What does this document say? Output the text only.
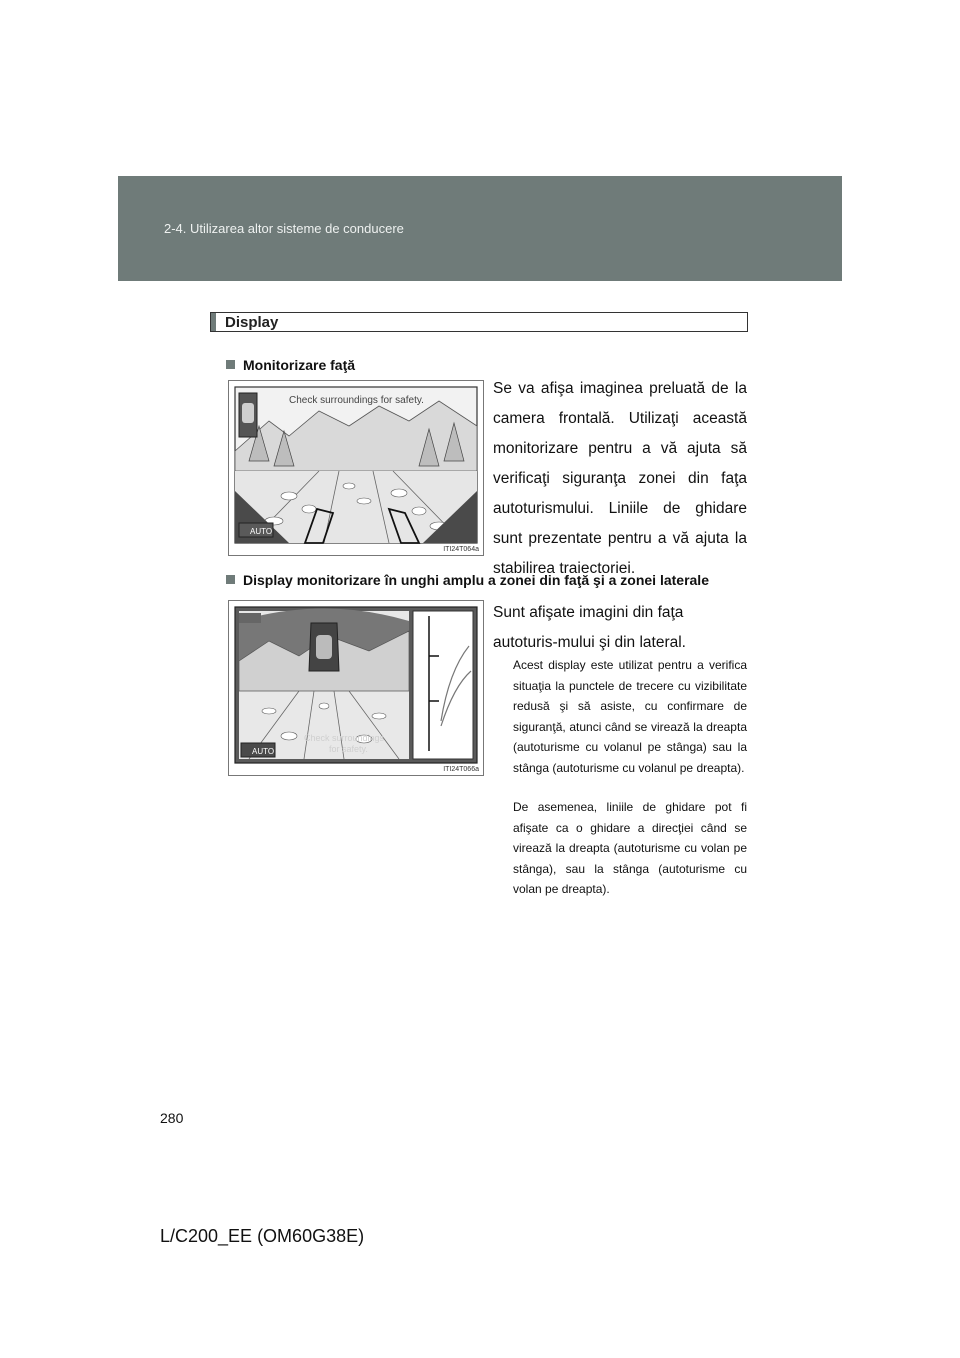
2-4. Utilizarea altor sisteme de conducere
Display
Monitorizare faţă
Check surroundings for safety.
AUTO
ITI24T064a
Se va afişa imaginea preluată de la camera frontală. Utilizaţi această monitorizare pentru a vă ajuta să verificaţi siguranţa zonei din faţa autoturismului. Liniile de ghidare sunt prezentate pentru a vă ajuta la stabilirea traiectoriei.
Display monitorizare în unghi amplu a zonei din faţă şi a zonei laterale
Check surroundings
for safety.
AUTO
ITI24T066a
Sunt afişate imagini din faţa autoturis-mului şi din lateral.
Acest display este utilizat pentru a verifica situaţia la punctele de trecere cu vizibilitate redusă şi să asiste, cu confirmare de siguranţă, atunci când se virează la dreapta (autoturisme cu volanul pe stânga) sau la stânga (autoturisme cu volanul pe dreapta).
De asemenea, liniile de ghidare pot fi afişate ca o ghidare a direcţiei când se virează la dreapta (autoturisme cu volan pe stânga), sau la stânga (autoturisme cu volan pe dreapta).
280
L/C200_EE (OM60G38E)
